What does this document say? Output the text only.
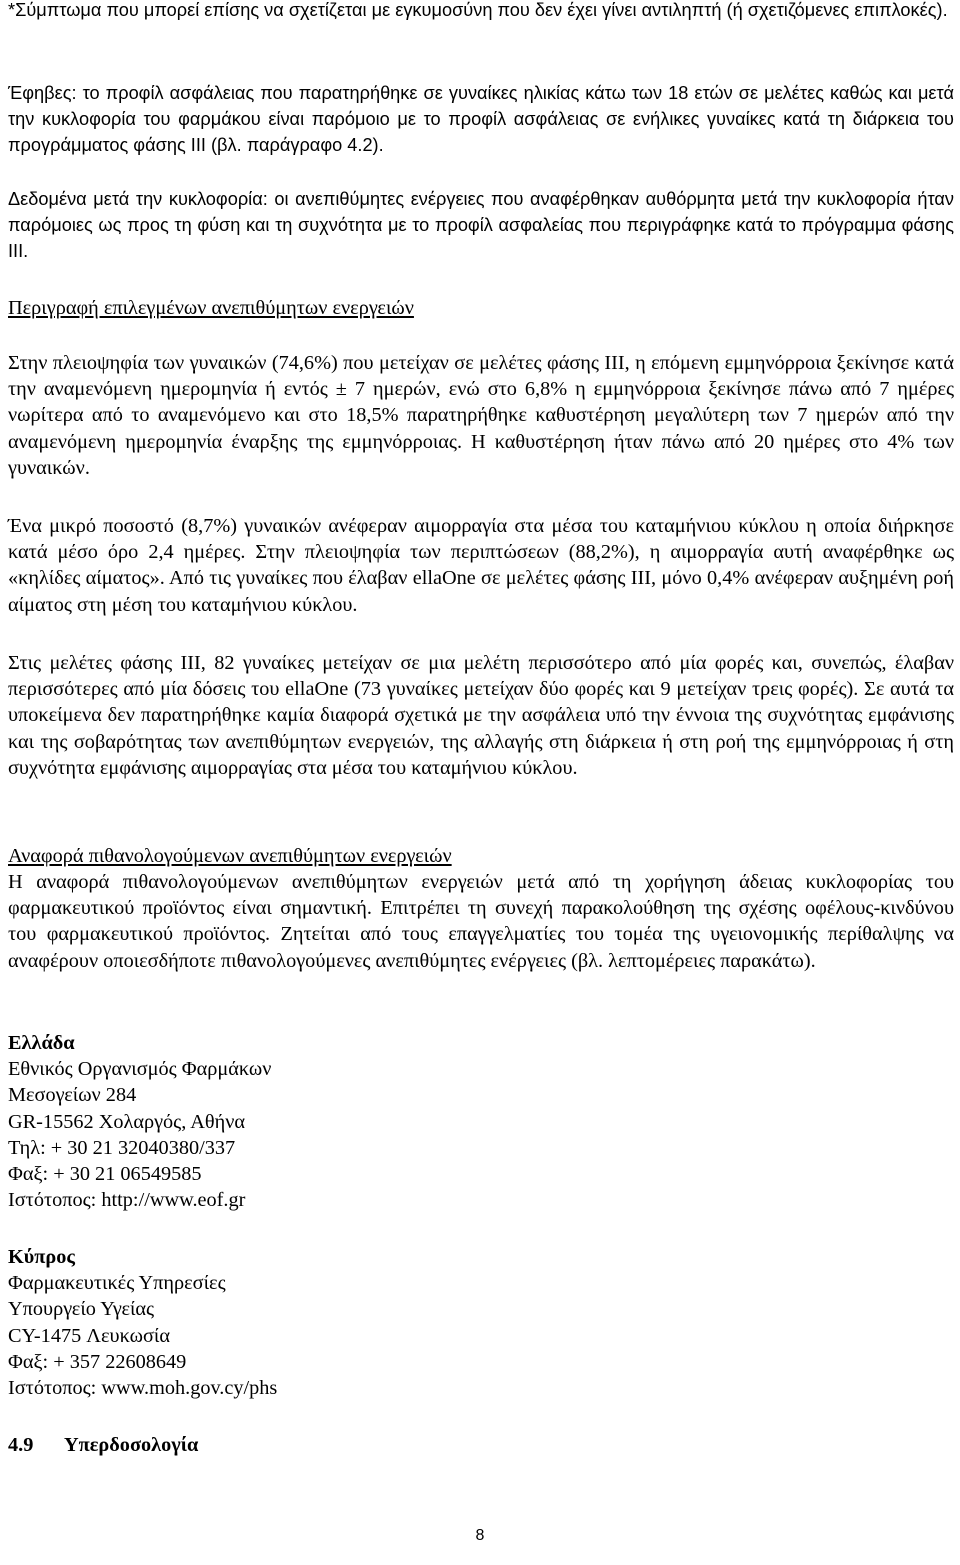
*Σύμπτωμα που μπορεί επίσης να σχετίζεται με εγκυμοσύνη που δεν έχει γίνει αντιληπτή (ή σχετιζόμενες επιπλοκές).

Έφηβες: το προφίλ ασφάλειας που παρατηρήθηκε σε γυναίκες ηλικίας κάτω των 18 ετών σε μελέτες καθώς και μετά την κυκλοφορία του φαρμάκου είναι παρόμοιο με το προφίλ ασφάλειας σε ενήλικες γυναίκες κατά τη διάρκεια του προγράμματος φάσης III (βλ. παράγραφο 4.2).

Δεδομένα μετά την κυκλοφορία: οι ανεπιθύμητες ενέργειες που αναφέρθηκαν αυθόρμητα μετά την κυκλοφορία ήταν παρόμοιες ως προς τη φύση και τη συχνότητα με το προφίλ ασφαλείας που περιγράφηκε κατά το πρόγραμμα φάσης III.

Περιγραφή επιλεγμένων ανεπιθύμητων ενεργειών

Στην πλειοψηφία των γυναικών (74,6%) που μετείχαν σε μελέτες φάσης III, η επόμενη εμμηνόρροια ξεκίνησε κατά την αναμενόμενη ημερομηνία ή εντός ± 7 ημερών, ενώ στο 6,8% η εμμηνόρροια ξεκίνησε πάνω από 7 ημέρες νωρίτερα από το αναμενόμενο και στο 18,5% παρατηρήθηκε καθυστέρηση μεγαλύτερη των 7 ημερών από την αναμενόμενη ημερομηνία έναρξης της εμμηνόρροιας. Η καθυστέρηση ήταν πάνω από 20 ημέρες στο 4% των γυναικών.

Ένα μικρό ποσοστό (8,7%) γυναικών ανέφεραν αιμορραγία στα μέσα του καταμήνιου κύκλου η οποία διήρκησε κατά μέσο όρο 2,4 ημέρες. Στην πλειοψηφία των περιπτώσεων (88,2%), η αιμορραγία αυτή αναφέρθηκε ως «κηλίδες αίματος». Από τις γυναίκες που έλαβαν ellaOne σε μελέτες φάσης III, μόνο 0,4% ανέφεραν αυξημένη ροή αίματος στη μέση του καταμήνιου κύκλου.

Στις μελέτες φάσης III, 82 γυναίκες μετείχαν σε μια μελέτη περισσότερο από μία φορές και, συνεπώς, έλαβαν περισσότερες από μία δόσεις του ellaOne (73 γυναίκες μετείχαν δύο φορές και 9 μετείχαν τρεις φορές). Σε αυτά τα υποκείμενα δεν παρατηρήθηκε καμία διαφορά σχετικά με την ασφάλεια υπό την έννοια της συχνότητας εμφάνισης και της σοβαρότητας των ανεπιθύμητων ενεργειών, της αλλαγής στη διάρκεια ή στη ροή της εμμηνόρροιας ή στη συχνότητα εμφάνισης αιμορραγίας στα μέσα του καταμήνιου κύκλου.

Αναφορά πιθανολογούμενων ανεπιθύμητων ενεργειών

Η αναφορά πιθανολογούμενων ανεπιθύμητων ενεργειών μετά από τη χορήγηση άδειας κυκλοφορίας του φαρμακευτικού προϊόντος είναι σημαντική. Επιτρέπει τη συνεχή παρακολούθηση της σχέσης οφέλους-κινδύνου του φαρμακευτικού προϊόντος. Ζητείται από τους επαγγελματίες του τομέα της υγειονομικής περίθαλψης να αναφέρουν οποιεσδήποτε πιθανολογούμενες ανεπιθύμητες ενέργειες (βλ. λεπτομέρειες παρακάτω).

Ελλάδα

Εθνικός Οργανισμός Φαρμάκων

Μεσογείων 284

GR-15562 Χολαργός, Αθήνα

Τηλ: + 30 21 32040380/337

Φαξ: + 30 21 06549585

Ιστότοπος: http://www.eof.gr

Κύπρος

Φαρμακευτικές Υπηρεσίες

Υπουργείο Υγείας

CY-1475 Λευκωσία

Φαξ: + 357 22608649

Ιστότοπος: www.moh.gov.cy/phs

4.9 Υπερδοσολογία

8
